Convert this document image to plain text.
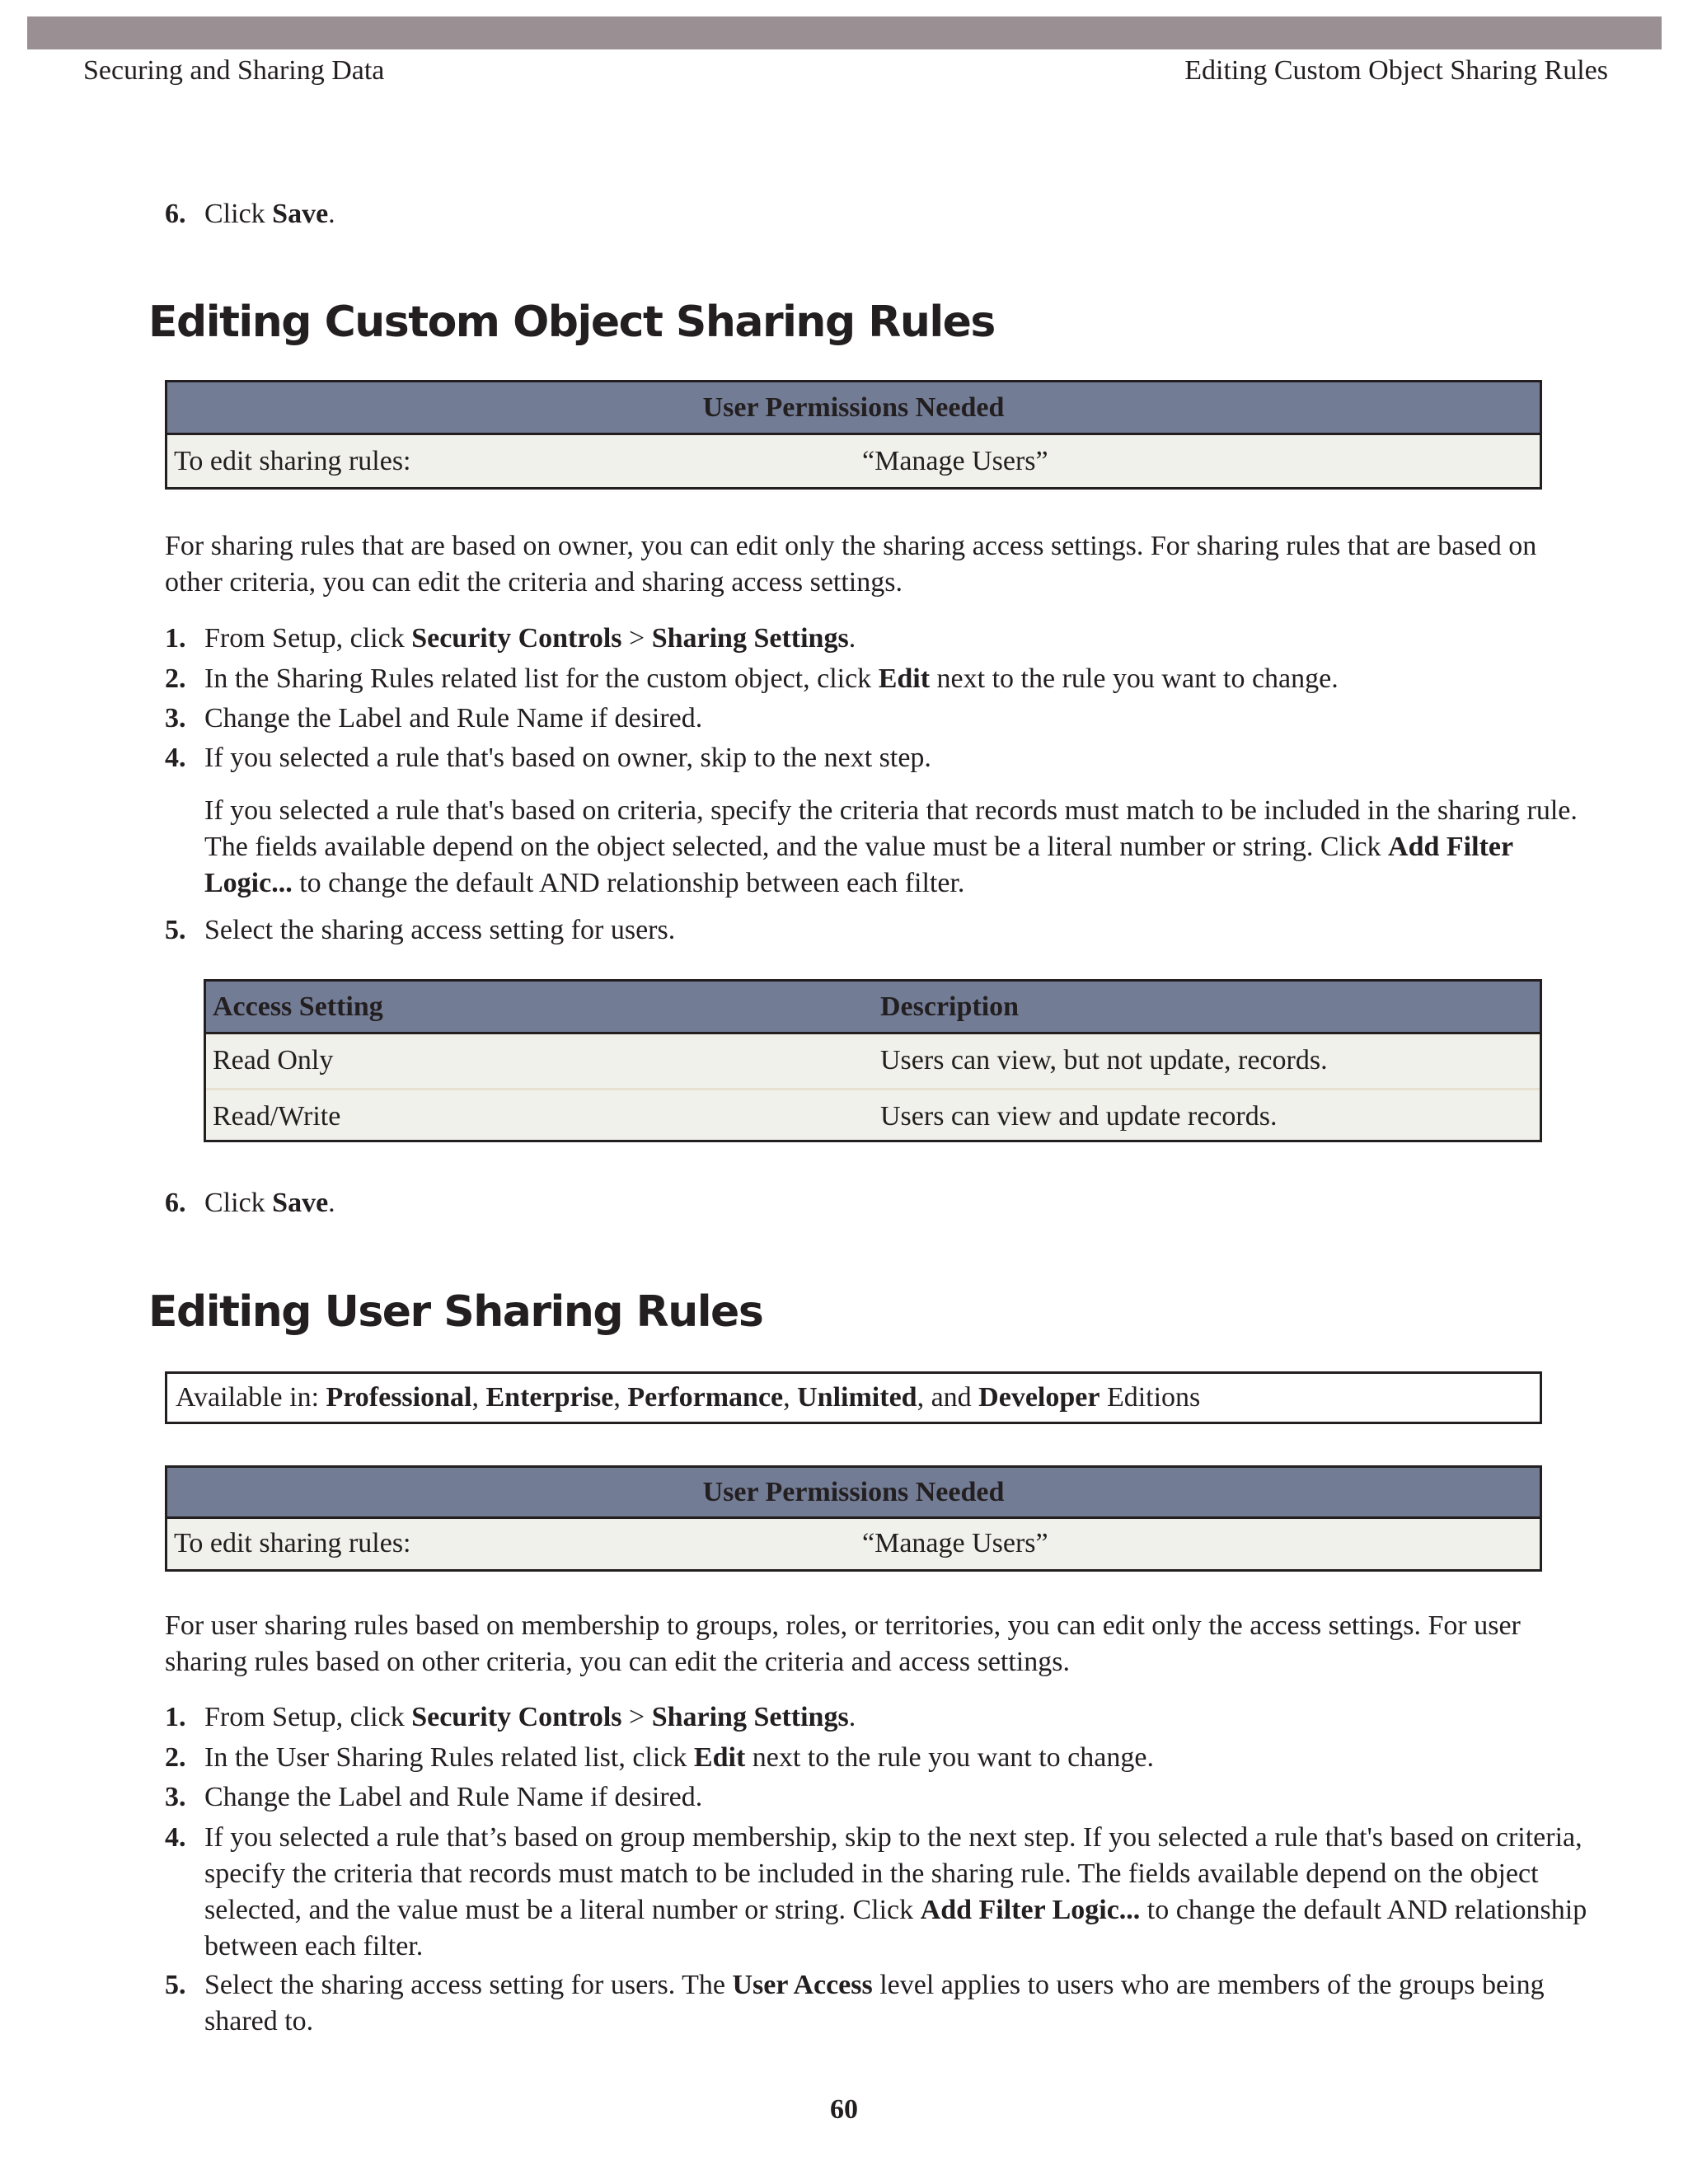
Securing and Sharing Data	Editing Custom Object Sharing Rules
6. Click Save.
Editing Custom Object Sharing Rules
User Permissions Needed
To edit sharing rules:	“Manage Users”
For sharing rules that are based on owner, you can edit only the sharing access settings. For sharing rules that are based on
other criteria, you can edit the criteria and sharing access settings.
1. From Setup, click Security Controls > Sharing Settings.
2. In the Sharing Rules related list for the custom object, click Edit next to the rule you want to change.
3. Change the Label and Rule Name if desired.
4. If you selected a rule that's based on owner, skip to the next step.
If you selected a rule that's based on criteria, specify the criteria that records must match to be included in the sharing rule.
The fields available depend on the object selected, and the value must be a literal number or string. Click Add Filter
Logic... to change the default AND relationship between each filter.
5. Select the sharing access setting for users.
Access Setting	Description
Read Only	Users can view, but not update, records.
Read/Write	Users can view and update records.
6. Click Save.
Editing User Sharing Rules
Available in: Professional, Enterprise, Performance, Unlimited, and Developer Editions
User Permissions Needed
To edit sharing rules:	“Manage Users”
For user sharing rules based on membership to groups, roles, or territories, you can edit only the access settings. For user
sharing rules based on other criteria, you can edit the criteria and access settings.
1. From Setup, click Security Controls > Sharing Settings.
2. In the User Sharing Rules related list, click Edit next to the rule you want to change.
3. Change the Label and Rule Name if desired.
4. If you selected a rule that’s based on group membership, skip to the next step. If you selected a rule that's based on criteria,
specify the criteria that records must match to be included in the sharing rule. The fields available depend on the object
selected, and the value must be a literal number or string. Click Add Filter Logic... to change the default AND relationship
between each filter.
5. Select the sharing access setting for users. The User Access level applies to users who are members of the groups being
shared to.
60
